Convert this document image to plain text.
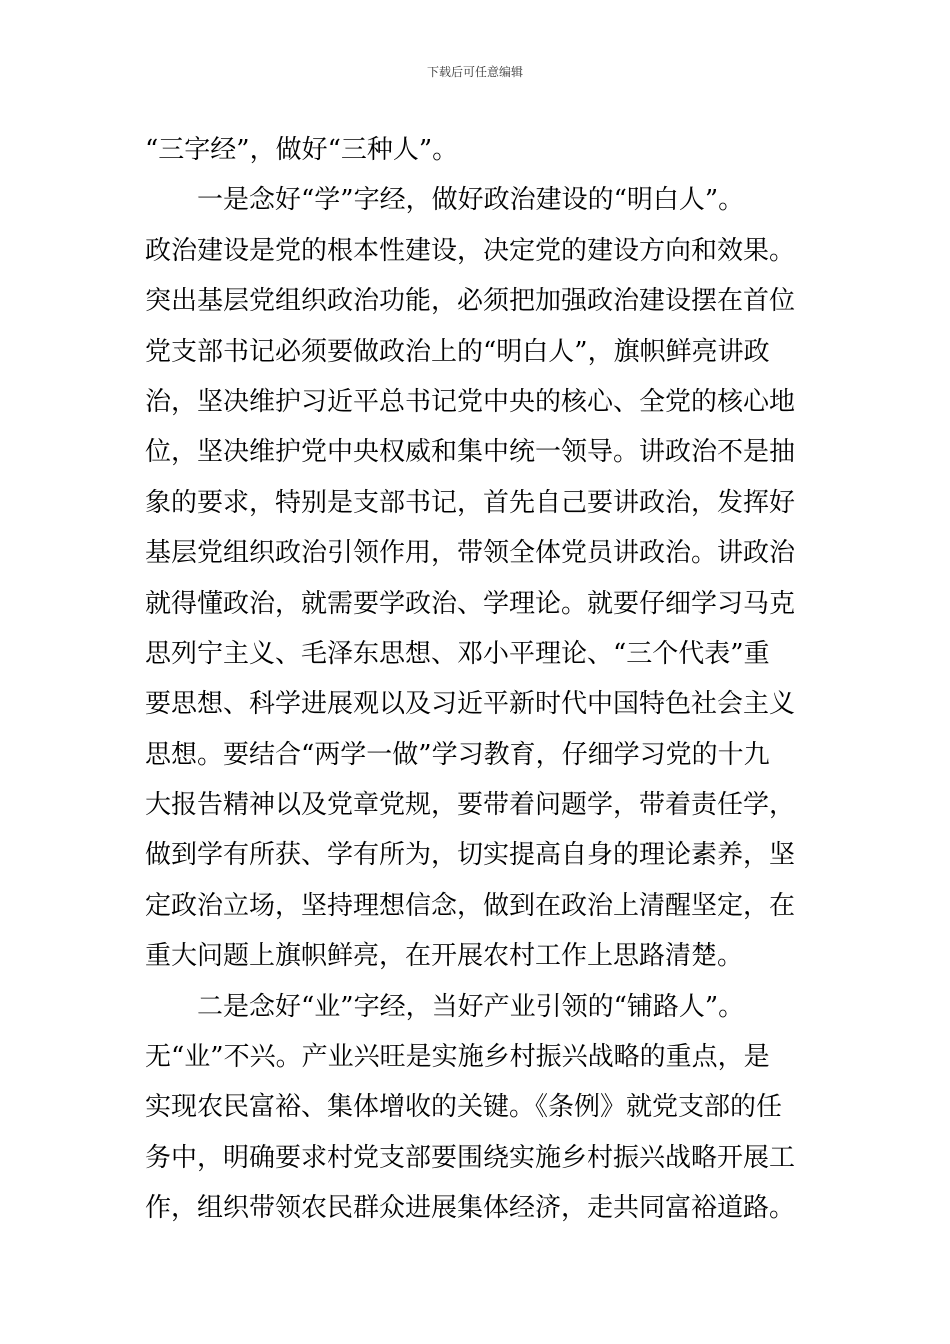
下载后可任意编辑
“三字经”，做好“三种人”。
　　一是念好“学”字经，做好政治建设的“明白人”。
政治建设是党的根本性建设，决定党的建设方向和效果。
突出基层党组织政治功能，必须把加强政治建设摆在首位
党支部书记必须要做政治上的“明白人”，旗帜鲜亮讲政
治，坚决维护习近平总书记党中央的核心、全党的核心地
位，坚决维护党中央权威和集中统一领导。讲政治不是抽
象的要求，特别是支部书记，首先自己要讲政治，发挥好
基层党组织政治引领作用，带领全体党员讲政治。讲政治
就得懂政治，就需要学政治、学理论。就要仔细学习马克
思列宁主义、毛泽东思想、邓小平理论、“三个代表”重
要思想、科学进展观以及习近平新时代中国特色社会主义
思想。要结合“两学一做”学习教育，仔细学习党的十九
大报告精神以及党章党规，要带着问题学，带着责任学，
做到学有所获、学有所为，切实提高自身的理论素养，坚
定政治立场，坚持理想信念，做到在政治上清醒坚定，在
重大问题上旗帜鲜亮，在开展农村工作上思路清楚。
　　二是念好“业”字经，当好产业引领的“铺路人”。
无“业”不兴。产业兴旺是实施乡村振兴战略的重点，是
实现农民富裕、集体增收的关键。《条例》就党支部的任
务中，明确要求村党支部要围绕实施乡村振兴战略开展工
作，组织带领农民群众进展集体经济，走共同富裕道路。
